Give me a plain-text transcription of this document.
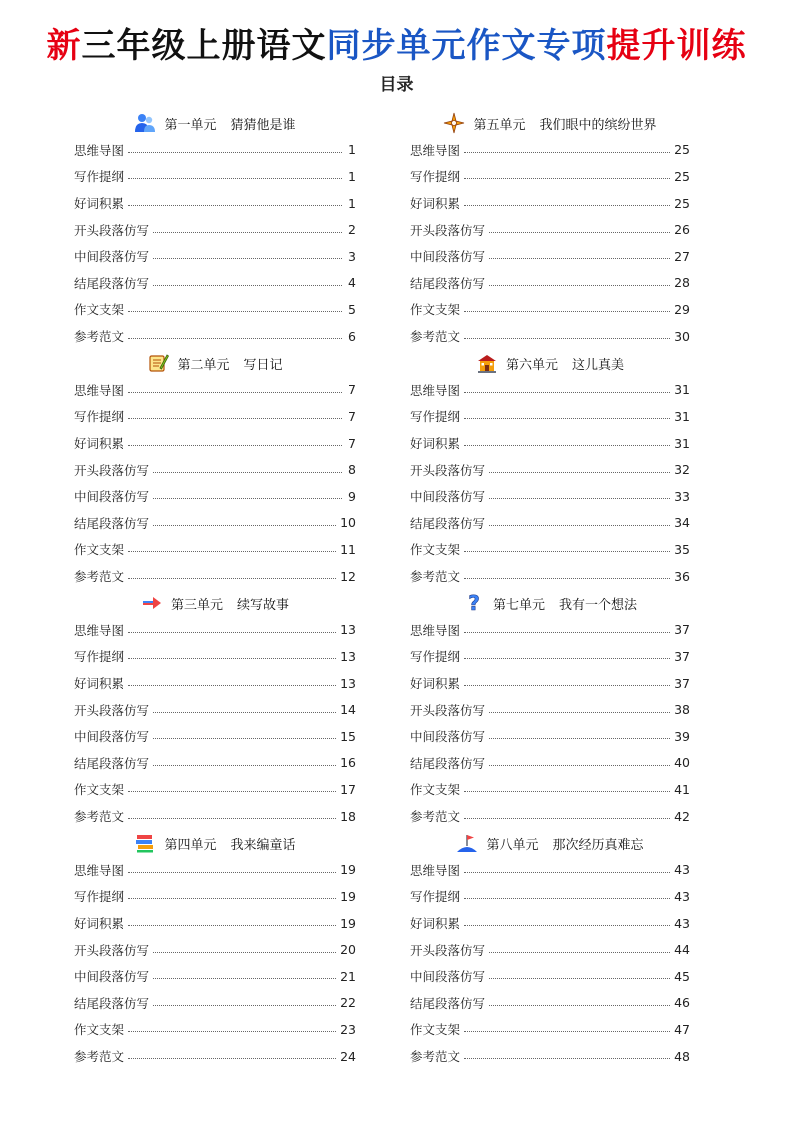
新三年级上册语文同步单元作文专项提升训练
目录
第一单元 猜猜他是谁
思维导图	1
写作提纲	1
好词积累	1
开头段落仿写	2
中间段落仿写	3
结尾段落仿写	4
作文支架	5
参考范文	6
第二单元 写日记
思维导图	7
写作提纲	7
好词积累	7
开头段落仿写	8
中间段落仿写	9
结尾段落仿写	10
作文支架	11
参考范文	12
第三单元 续写故事
思维导图	13
写作提纲	13
好词积累	13
开头段落仿写	14
中间段落仿写	15
结尾段落仿写	16
作文支架	17
参考范文	18
第四单元 我来编童话
思维导图	19
写作提纲	19
好词积累	19
开头段落仿写	20
中间段落仿写	21
结尾段落仿写	22
作文支架	23
参考范文	24
第五单元 我们眼中的缤纷世界
思维导图	25
写作提纲	25
好词积累	25
开头段落仿写	26
中间段落仿写	27
结尾段落仿写	28
作文支架	29
参考范文	30
第六单元 这儿真美
思维导图	31
写作提纲	31
好词积累	31
开头段落仿写	32
中间段落仿写	33
结尾段落仿写	34
作文支架	35
参考范文	36
? 第七单元 我有一个想法
思维导图	37
写作提纲	37
好词积累	37
开头段落仿写	38
中间段落仿写	39
结尾段落仿写	40
作文支架	41
参考范文	42
第八单元 那次经历真难忘
思维导图	43
写作提纲	43
好词积累	43
开头段落仿写	44
中间段落仿写	45
结尾段落仿写	46
作文支架	47
参考范文	48
